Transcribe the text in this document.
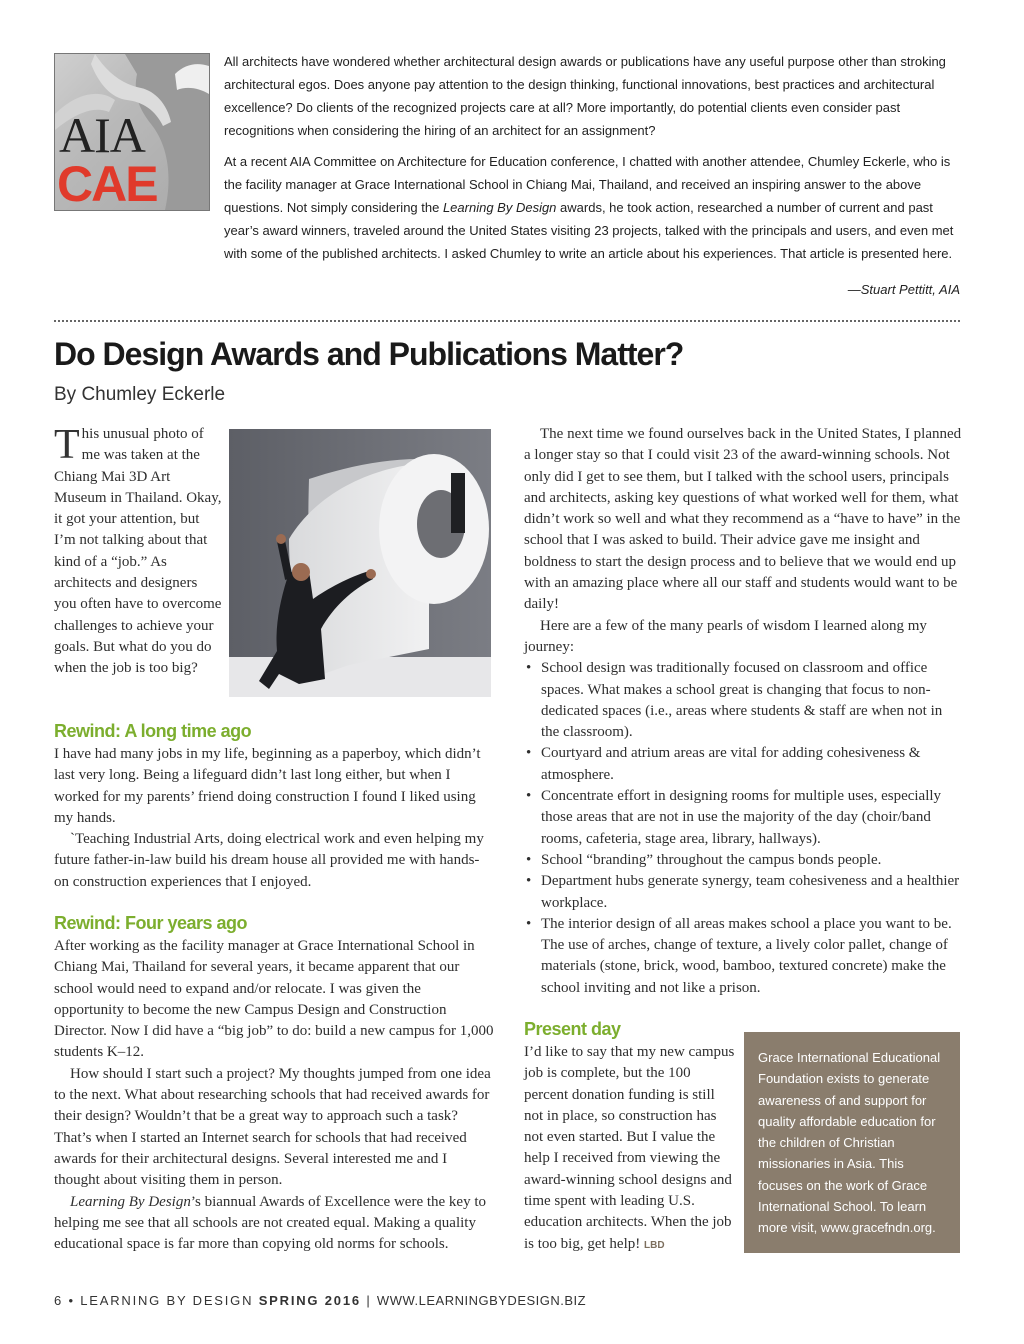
AIA
CAE

All architects have wondered whether architectural design awards or publications have any useful purpose other than stroking architectural egos. Does anyone pay attention to the design thinking, functional innovations, best practices and architectural excellence? Do clients of the recognized projects care at all? More importantly, do potential clients even consider past recognitions when considering the hiring of an architect for an assignment?

At a recent AIA Committee on Architecture for Education conference, I chatted with another attendee, Chumley Eckerle, who is the facility manager at Grace International School in Chiang Mai, Thailand, and received an inspiring answer to the above questions. Not simply considering the Learning By Design awards, he took action, researched a number of current and past year’s award winners, traveled around the United States visiting 23 projects, talked with the principals and users, and even met with some of the published architects. I asked Chumley to write an article about his experiences. That article is presented here.

—Stuart Pettitt, AIA
Do Design Awards and Publications Matter?
By Chumley Eckerle
This unusual photo of me was taken at the Chiang Mai 3D Art Museum in Thailand. Okay, it got your attention, but I’m not talking about that kind of a “job.” As architects and designers you often have to overcome challenges to achieve your goals. But what do you do when the job is too big?
Rewind: A long time ago

I have had many jobs in my life, beginning as a paperboy, which didn’t last very long. Being a lifeguard didn’t last long either, but when I worked for my parents’ friend doing construction I found I liked using my hands.

`Teaching Industrial Arts, doing electrical work and even helping my future father-in-law build his dream house all provided me with hands-on construction experiences that I enjoyed.

Rewind: Four years ago

After working as the facility manager at Grace International School in Chiang Mai, Thailand for several years, it became apparent that our school would need to expand and/or relocate. I was given the opportunity to become the new Campus Design and Construction Director. Now I did have a “big job” to do: build a new campus for 1,000 students K–12.

How should I start such a project? My thoughts jumped from one idea to the next. What about researching schools that had received awards for their design? Wouldn’t that be a great way to approach such a task? That’s when I started an Internet search for schools that had received awards for their architectural designs. Several interested me and I thought about visiting them in person.

Learning By Design’s biannual Awards of Excellence were the key to helping me see that all schools are not created equal. Making a quality educational space is far more than copying old norms for schools.

The next time we found ourselves back in the United States, I planned a longer stay so that I could visit 23 of the award-winning schools. Not only did I get to see them, but I talked with the school users, principals and architects, asking key questions of what worked well for them, what didn’t work so well and what they recommend as a “have to have” in the school that I was asked to build. Their advice gave me insight and boldness to start the design process and to believe that we would end up with an amazing place where all our staff and students would want to be daily!

Here are a few of the many pearls of wisdom I learned along my journey:

• School design was traditionally focused on classroom and office spaces. What makes a school great is changing that focus to non-dedicated spaces (i.e., areas where students & staff are when not in the classroom).
• Courtyard and atrium areas are vital for adding cohesiveness & atmosphere.
• Concentrate effort in designing rooms for multiple uses, especially those areas that are not in use the majority of the day (choir/band rooms, cafeteria, stage area, library, hallways).
• School “branding” throughout the campus bonds people.
• Department hubs generate synergy, team cohesiveness and a healthier workplace.
• The interior design of all areas makes school a place you want to be. The use of arches, change of texture, a lively color pallet, change of materials (stone, brick, wood, bamboo, textured concrete) make the school inviting and not like a prison.
Present day

I’d like to say that my new campus job is complete, but the 100 percent donation funding is still not in place, so construction has not even started. But I value the help I received from viewing the award-winning school designs and time spent with leading U.S. education architects. When the job is too big, get help! LBD

Grace International Educational Foundation exists to generate awareness of and support for quality affordable education for the children of Christian missionaries in Asia. This focuses on the work of Grace International School. To learn more visit, www.gracefndn.org.
6 • LEARNING BY DESIGN SPRING 2016 | WWW.LEARNINGBYDESIGN.BIZ
